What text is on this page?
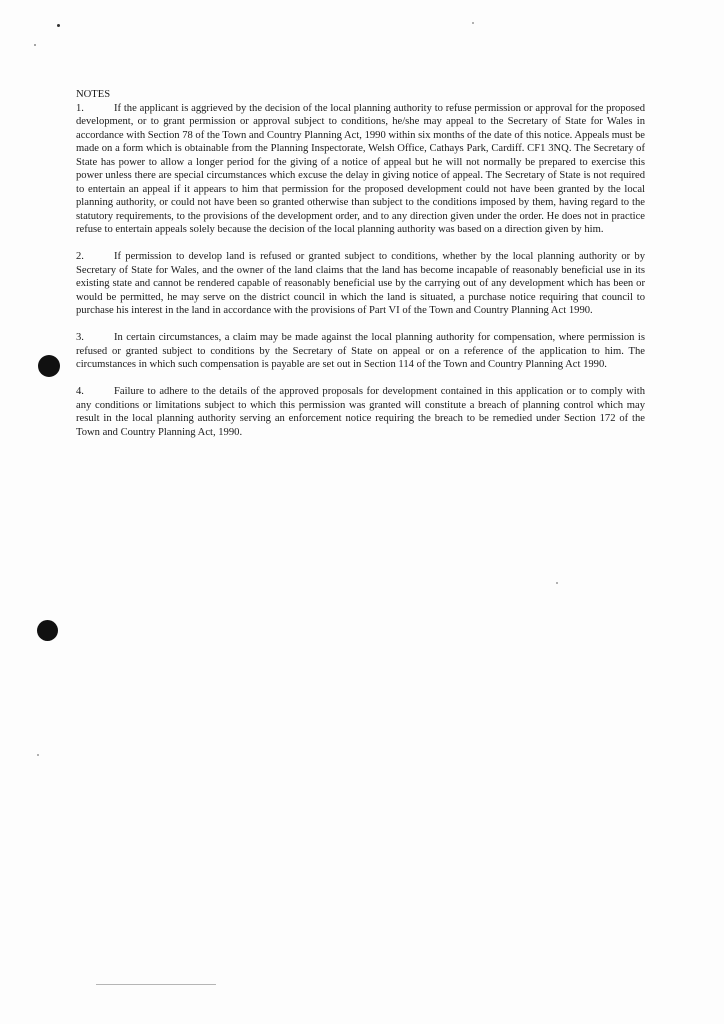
NOTES

1.	If the applicant is aggrieved by the decision of the local planning authority to refuse permission or approval for the proposed development, or to grant permission or approval subject to conditions, he/she may appeal to the Secretary of State for Wales in accordance with Section 78 of the Town and Country Planning Act, 1990 within six months of the date of this notice. Appeals must be made on a form which is obtainable from the Planning Inspectorate, Welsh Office, Cathays Park, Cardiff. CF1 3NQ. The Secretary of State has power to allow a longer period for the giving of a notice of appeal but he will not normally be prepared to exercise this power unless there are special circumstances which excuse the delay in giving notice of appeal. The Secretary of State is not required to entertain an appeal if it appears to him that permission for the proposed development could not have been granted by the local planning authority, or could not have been so granted otherwise than subject to the conditions imposed by them, having regard to the statutory requirements, to the provisions of the development order, and to any direction given under the order. He does not in practice refuse to entertain appeals solely because the decision of the local planning authority was based on a direction given by him.

2.	If permission to develop land is refused or granted subject to conditions, whether by the local planning authority or by Secretary of State for Wales, and the owner of the land claims that the land has become incapable of reasonably beneficial use in its existing state and cannot be rendered capable of reasonably beneficial use by the carrying out of any development which has been or would be permitted, he may serve on the district council in which the land is situated, a purchase notice requiring that council to purchase his interest in the land in accordance with the provisions of Part VI of the Town and Country Planning Act 1990.

3.	In certain circumstances, a claim may be made against the local planning authority for compensation, where permission is refused or granted subject to conditions by the Secretary of State on appeal or on a reference of the application to him. The circumstances in which such compensation is payable are set out in Section 114 of the Town and Country Planning Act 1990.

4.	Failure to adhere to the details of the approved proposals for development contained in this application or to comply with any conditions or limitations subject to which this permission was granted will constitute a breach of planning control which may result in the local planning authority serving an enforcement notice requiring the breach to be remedied under Section 172 of the Town and Country Planning Act, 1990.
